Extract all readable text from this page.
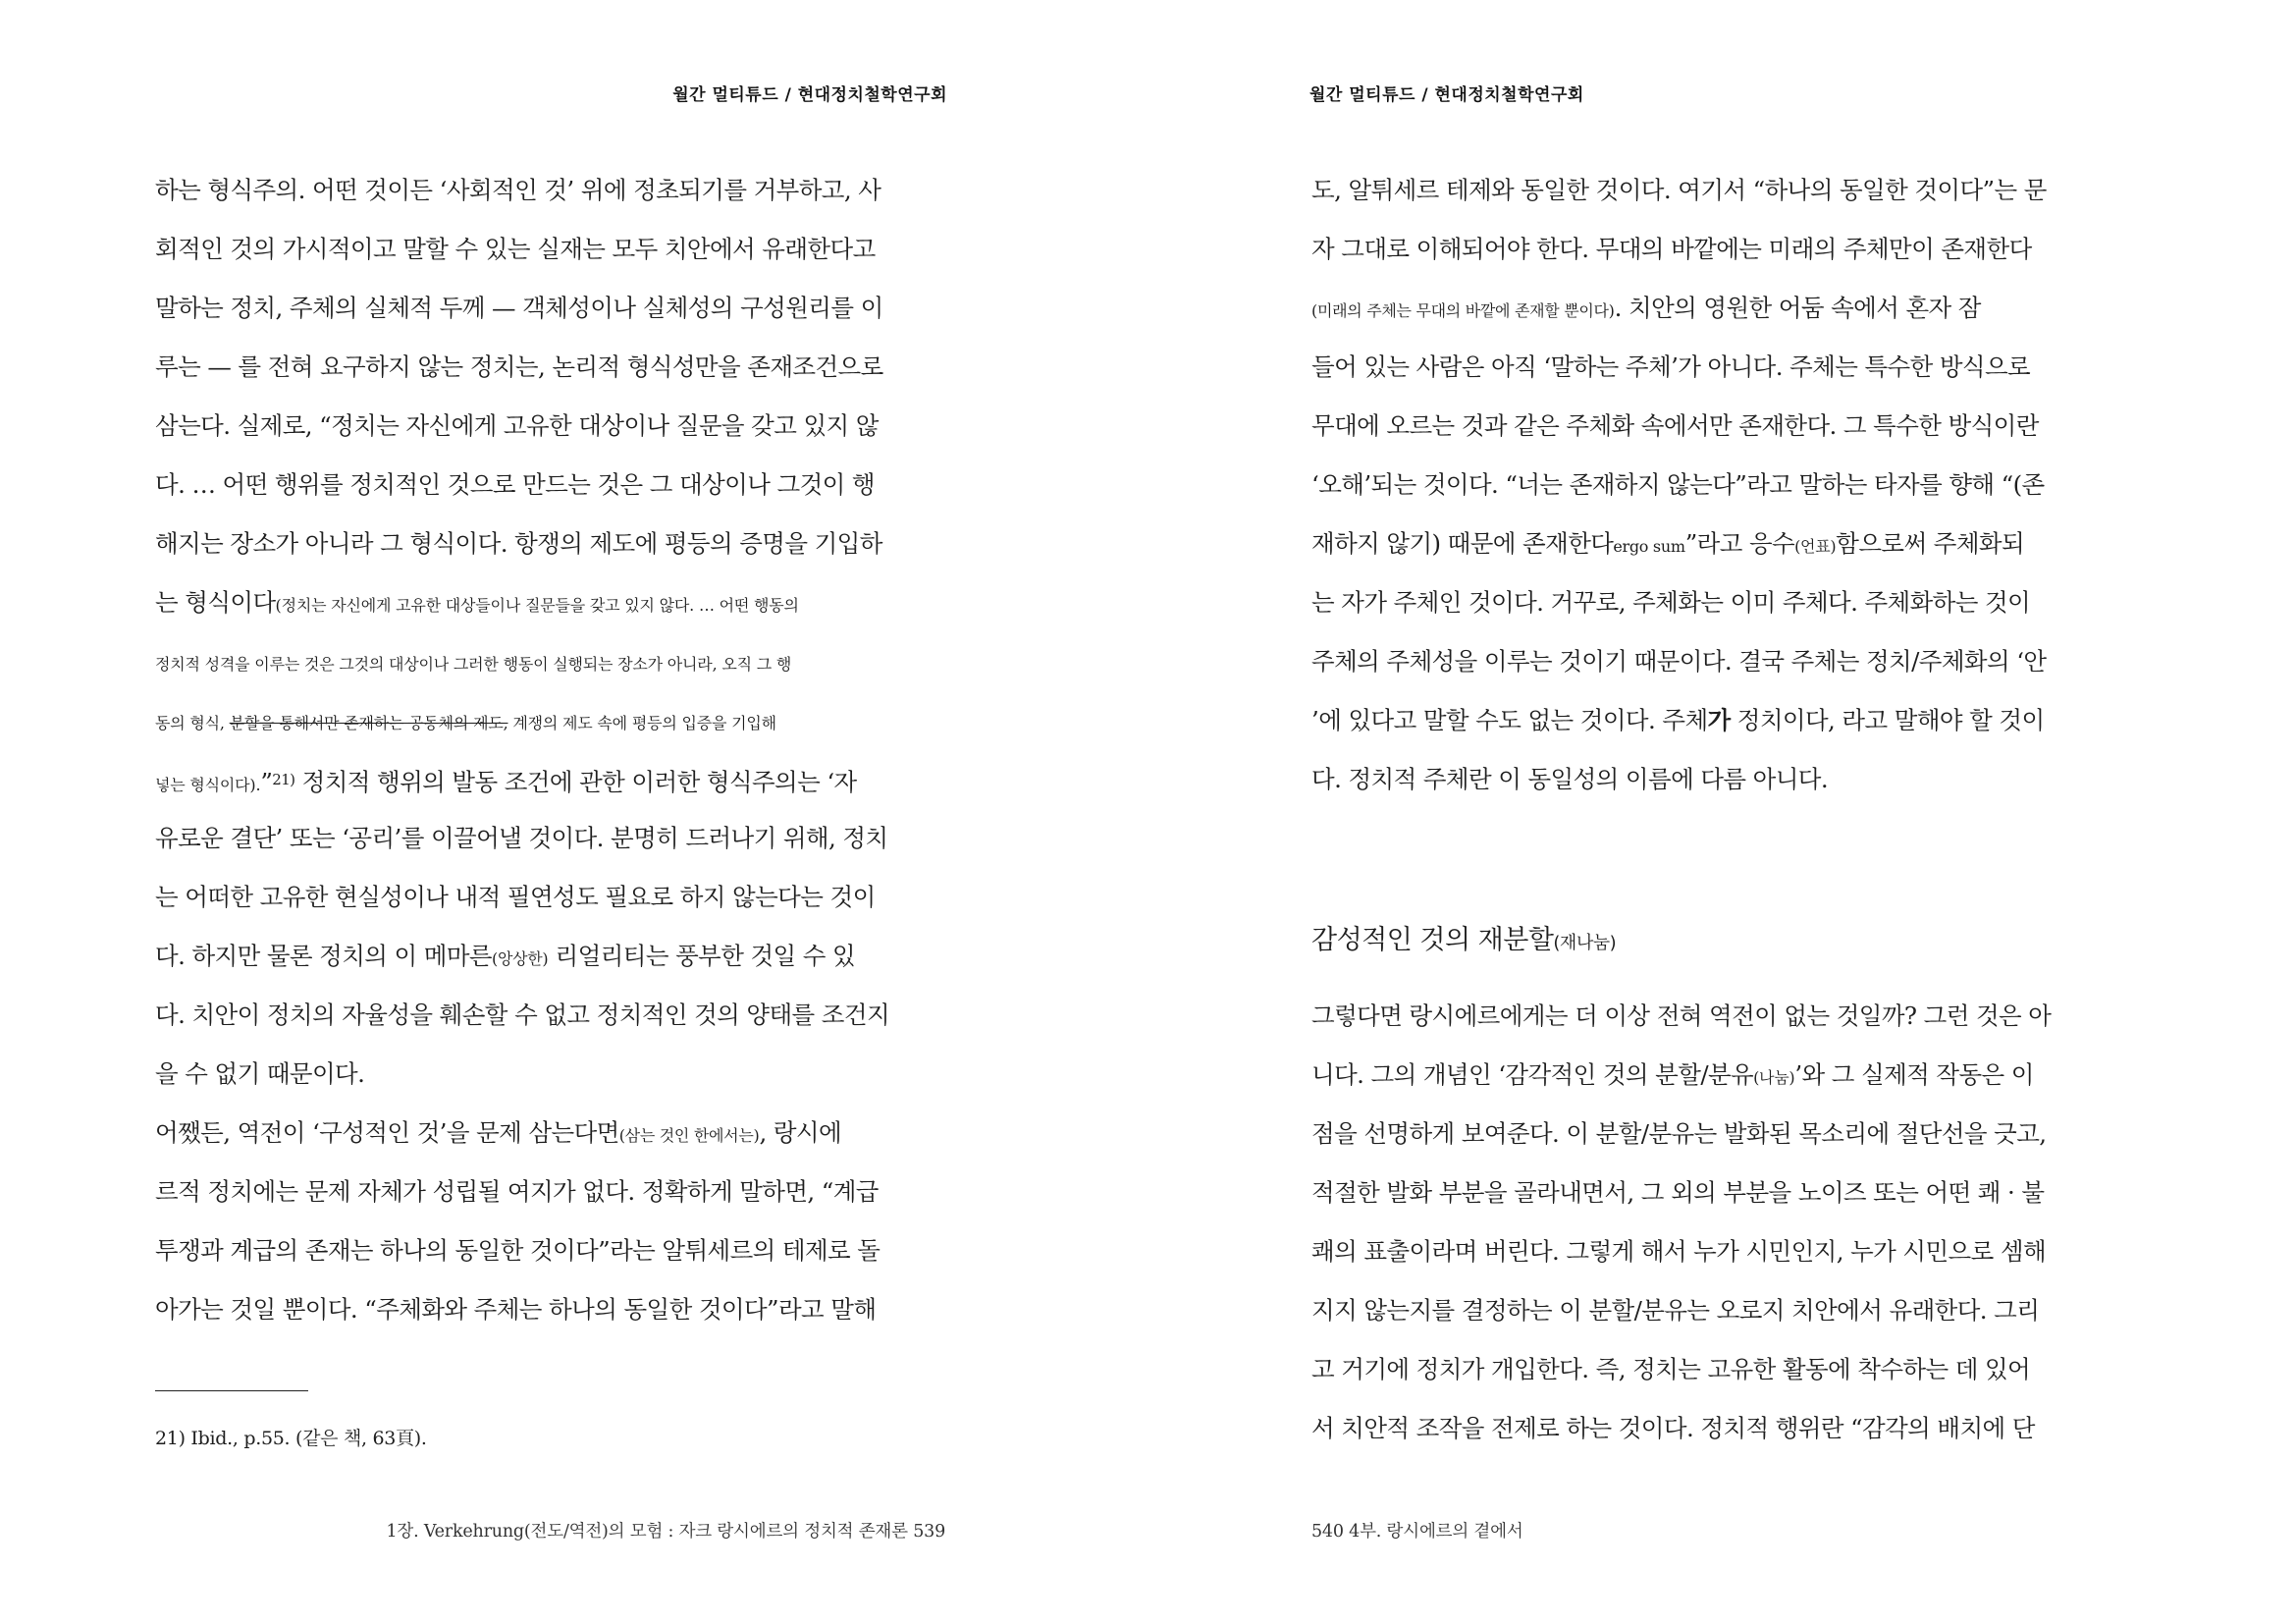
월간 멀티튜드 / 현대정치철학연구회
하는 형식주의. 어떤 것이든 ‘사회적인 것’ 위에 정초되기를 거부하고, 사
회적인 것의 가시적이고 말할 수 있는 실재는 모두 치안에서 유래한다고
말하는 정치, 주체의 실체적 두께 — 객체성이나 실체성의 구성원리를 이
루는 — 를 전혀 요구하지 않는 정치는, 논리적 형식성만을 존재조건으로
삼는다. 실제로, “정치는 자신에게 고유한 대상이나 질문을 갖고 있지 않
다. … 어떤 행위를 정치적인 것으로 만드는 것은 그 대상이나 그것이 행
해지는 장소가 아니라 그 형식이다. 항쟁의 제도에 평등의 증명을 기입하
는 형식이다(정치는 자신에게 고유한 대상들이나 질문들을 갖고 있지 않다. … 어떤 행동의
정치적 성격을 이루는 것은 그것의 대상이나 그러한 행동이 실행되는 장소가 아니라, 오직 그 행
동의 형식, 분할을 통해서만 존재하는 공동체의 제도, 계쟁의 제도 속에 평등의 입증을 기입해
넣는 형식이다).”$^{21)}$ 정치적 행위의 발동 조건에 관한 이러한 형식주의는 ‘자
유로운 결단’ 또는 ‘공리’를 이끌어낼 것이다. 분명히 드러나기 위해, 정치
는 어떠한 고유한 현실성이나 내적 필연성도 필요로 하지 않는다는 것이
다. 하지만 물론 정치의 이 메마른(앙상한) 리얼리티는 풍부한 것일 수 있
다. 치안이 정치의 자율성을 훼손할 수 없고 정치적인 것의 양태를 조건지
을 수 없기 때문이다.
어쨌든, 역전이 ‘구성적인 것’을 문제 삼는다면(삼는 것인 한에서는), 랑시에
르적 정치에는 문제 자체가 성립될 여지가 없다. 정확하게 말하면, “계급
투쟁과 계급의 존재는 하나의 동일한 것이다”라는 알튀세르의 테제로 돌
아가는 것일 뿐이다. “주체화와 주체는 하나의 동일한 것이다”라고 말해
21) Ibid., p.55. (같은 책, 63頁).
1장. Verkehrung(전도/역전)의 모험 : 자크 랑시에르의 정치적 존재론 539
월간 멀티튜드 / 현대정치철학연구회
도, 알튀세르 테제와 동일한 것이다. 여기서 “하나의 동일한 것이다”는 문
자 그대로 이해되어야 한다. 무대의 바깥에는 미래의 주체만이 존재한다
(미래의 주체는 무대의 바깥에 존재할 뿐이다). 치안의 영원한 어둠 속에서 혼자 잠
들어 있는 사람은 아직 ‘말하는 주체’가 아니다. 주체는 특수한 방식으로
무대에 오르는 것과 같은 주체화 속에서만 존재한다. 그 특수한 방식이란
‘오해’되는 것이다. “너는 존재하지 않는다”라고 말하는 타자를 향해 “(존
재하지 않기) 때문에 존재한다ergo sum”라고 응수(언표)함으로써 주체화되
는 자가 주체인 것이다. 거꾸로, 주체화는 이미 주체다. 주체화하는 것이
주체의 주체성을 이루는 것이기 때문이다. 결국 주체는 정치/주체화의 ‘안
’에 있다고 말할 수도 없는 것이다. 주체가 정치이다, 라고 말해야 할 것이
다. 정치적 주체란 이 동일성의 이름에 다름 아니다.
감성적인 것의 재분할(재나눔)
그렇다면 랑시에르에게는 더 이상 전혀 역전이 없는 것일까? 그런 것은 아
니다. 그의 개념인 ‘감각적인 것의 분할/분유(나눔)’와 그 실제적 작동은 이
점을 선명하게 보여준다. 이 분할/분유는 발화된 목소리에 절단선을 긋고,
적절한 발화 부분을 골라내면서, 그 외의 부분을 노이즈 또는 어떤 쾌 · 불
쾌의 표출이라며 버린다. 그렇게 해서 누가 시민인지, 누가 시민으로 셈해
지지 않는지를 결정하는 이 분할/분유는 오로지 치안에서 유래한다. 그리
고 거기에 정치가 개입한다. 즉, 정치는 고유한 활동에 착수하는 데 있어
서 치안적 조작을 전제로 하는 것이다. 정치적 행위란 “감각의 배치에 단
540 4부. 랑시에르의 곁에서
